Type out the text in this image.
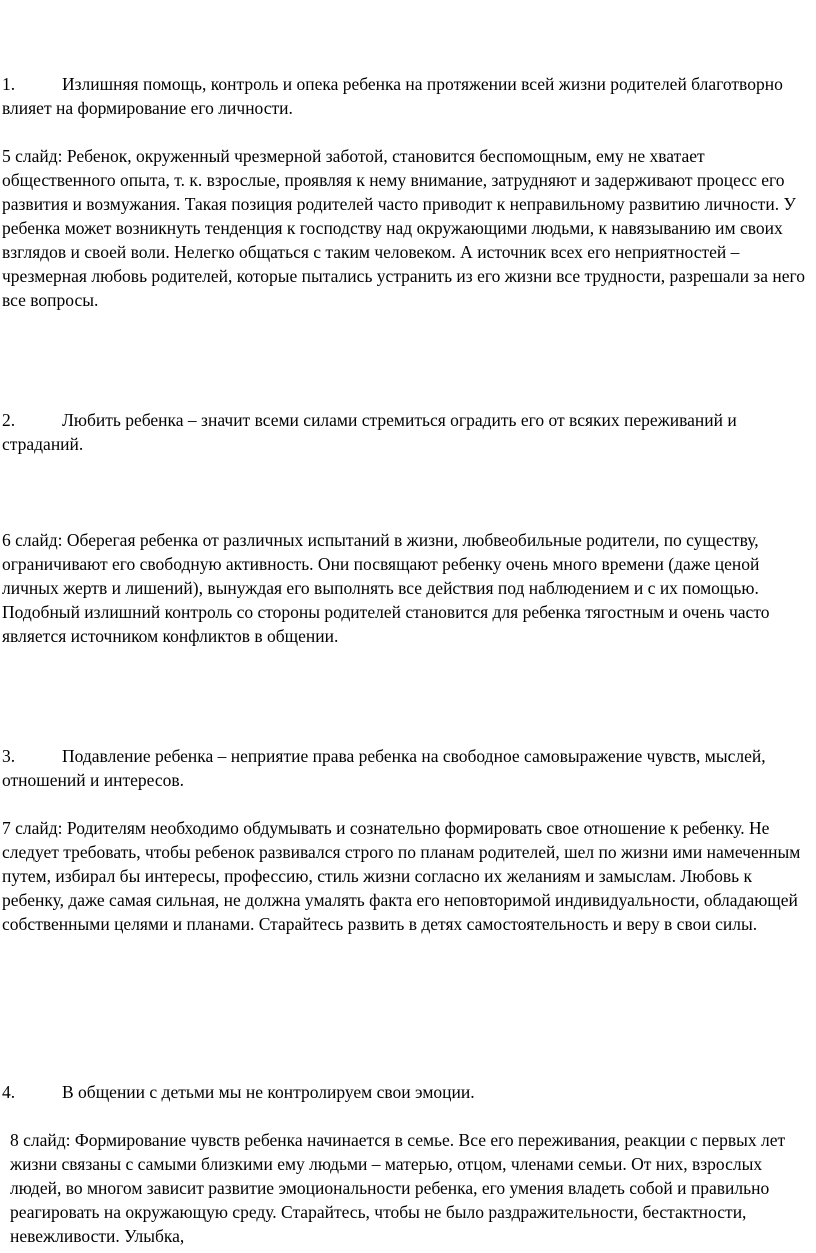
1.	Излишняя помощь, контроль и опека ребенка на протяжении всей жизни родителей благотворно влияет на формирование его личности.

5 слайд: Ребенок, окруженный чрезмерной заботой, становится беспомощным, ему не хватает общественного опыта, т. к. взрослые, проявляя к нему внимание, затрудняют и задерживают процесс его развития и возмужания. Такая позиция родителей часто приводит к неправильному развитию личности. У ребенка может возникнуть тенденция к господству над окружающими людьми, к навязыванию им своих взглядов и своей воли. Нелегко общаться с таким человеком. А источник всех его неприятностей – чрезмерная любовь родителей, которые пытались устранить из его жизни все трудности, разрешали за него все вопросы.

2.	Любить ребенка – значит всеми силами стремиться оградить его от всяких переживаний и страданий.

6 слайд: Оберегая ребенка от различных испытаний в жизни, любвеобильные родители, по существу, ограничивают его свободную активность. Они посвящают ребенку очень много времени (даже ценой личных жертв и лишений), вынуждая его выполнять все действия под наблюдением и с их помощью. Подобный излишний контроль со стороны родителей становится для ребенка тягостным и очень часто является источником конфликтов в общении.

3.	Подавление ребенка – неприятие права ребенка на свободное самовыражение чувств, мыслей, отношений и интересов.

7 слайд: Родителям необходимо обдумывать и сознательно формировать свое отношение к ребенку. Не следует требовать, чтобы ребенок развивался строго по планам родителей, шел по жизни ими намеченным путем, избирал бы интересы, профессию, стиль жизни согласно их желаниям и замыслам. Любовь к ребенку, даже самая сильная, не должна умалять факта его неповторимой индивидуальности, обладающей собственными целями и планами. Старайтесь развить в детях самостоятельность и веру в свои силы.

4.	В общении с детьми мы не контролируем свои эмоции.

8 слайд: Формирование чувств ребенка начинается в семье. Все его переживания, реакции с первых лет жизни связаны с самыми близкими ему людьми – матерью, отцом, членами семьи. От них, взрослых людей, во многом зависит развитие эмоциональности ребенка, его умения владеть собой и правильно реагировать на окружающую среду. Старайтесь, чтобы не было раздражительности, бестактности, невежливости. Улыбка,
